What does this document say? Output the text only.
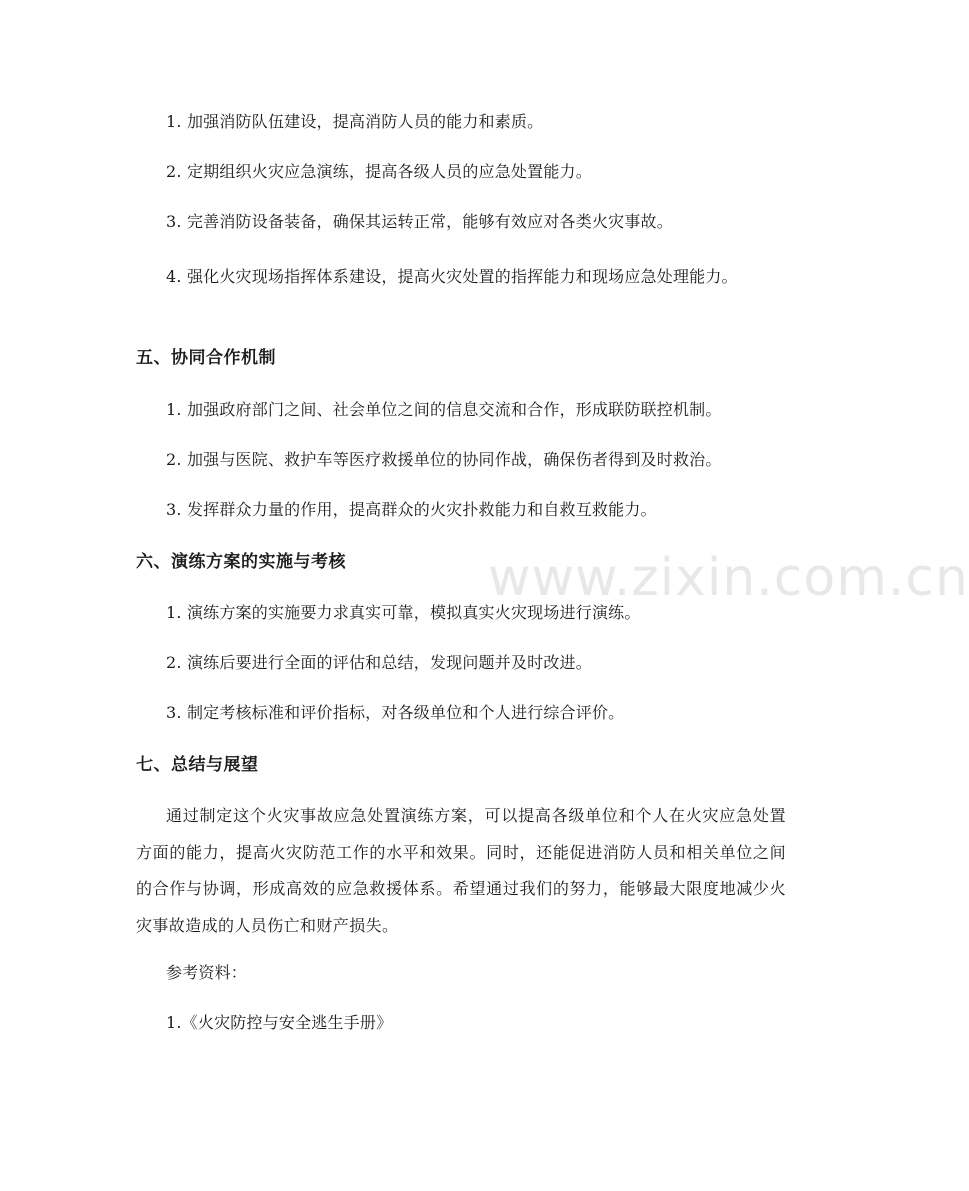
www.zixin.com.cn
1. 加强消防队伍建设，提高消防人员的能力和素质。
2. 定期组织火灾应急演练，提高各级人员的应急处置能力。
3. 完善消防设备装备，确保其运转正常，能够有效应对各类火灾事故。
4. 强化火灾现场指挥体系建设，提高火灾处置的指挥能力和现场应急处理能力。
五、协同合作机制
1. 加强政府部门之间、社会单位之间的信息交流和合作，形成联防联控机制。
2. 加强与医院、救护车等医疗救援单位的协同作战，确保伤者得到及时救治。
3. 发挥群众力量的作用，提高群众的火灾扑救能力和自救互救能力。
六、演练方案的实施与考核
1. 演练方案的实施要力求真实可靠，模拟真实火灾现场进行演练。
2. 演练后要进行全面的评估和总结，发现问题并及时改进。
3. 制定考核标准和评价指标，对各级单位和个人进行综合评价。
七、总结与展望
通过制定这个火灾事故应急处置演练方案，可以提高各级单位和个人在火灾应急处置方面的能力，提高火灾防范工作的水平和效果。同时，还能促进消防人员和相关单位之间的合作与协调，形成高效的应急救援体系。希望通过我们的努力，能够最大限度地减少火灾事故造成的人员伤亡和财产损失。
参考资料：
1.《火灾防控与安全逃生手册》
